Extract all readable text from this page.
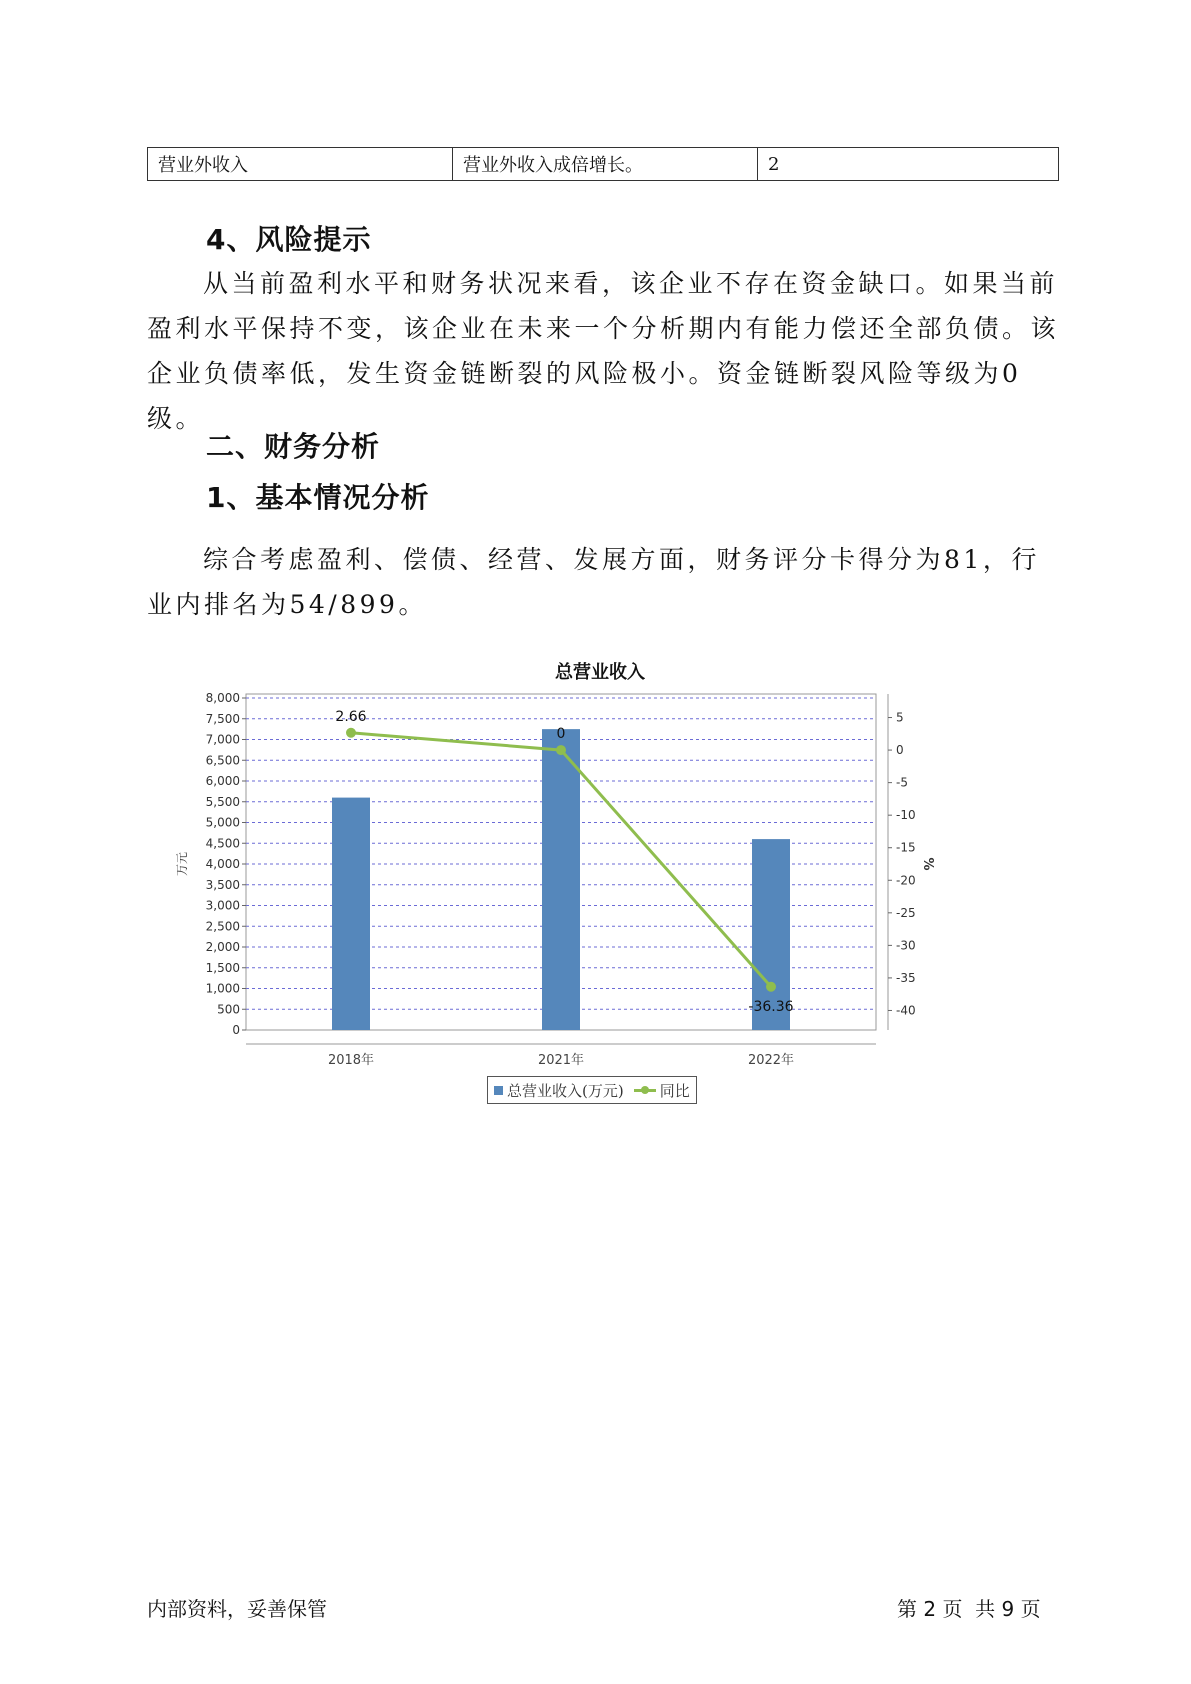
营业外收入	营业外收入成倍增长。	2
4、风险提示

从当前盈利水平和财务状况来看，该企业不存在资金缺口。如果当前盈利水平保持不变，该企业在未来一个分析期内有能力偿还全部负债。该企业负债率低，发生资金链断裂的风险极小。资金链断裂风险等级为0级。

二、财务分析
1、基本情况分析

综合考虑盈利、偿债、经营、发展方面，财务评分卡得分为81，行业内排名为54/899。

总营业收入
8,000
7,500
7,000
6,500
6,000
5,500
5,000
4,500
4,000
3,500
3,000
2,500
2,000
1,500
1,000
500
0
5
0
-5
-10
-15
-20
-25
-30
-35
-40
万元	%
2018年	2021年	2022年
2.66
0
-36.36
总营业收入(万元) 同比
内部资料，妥善保管	第 2 页  共 9 页
